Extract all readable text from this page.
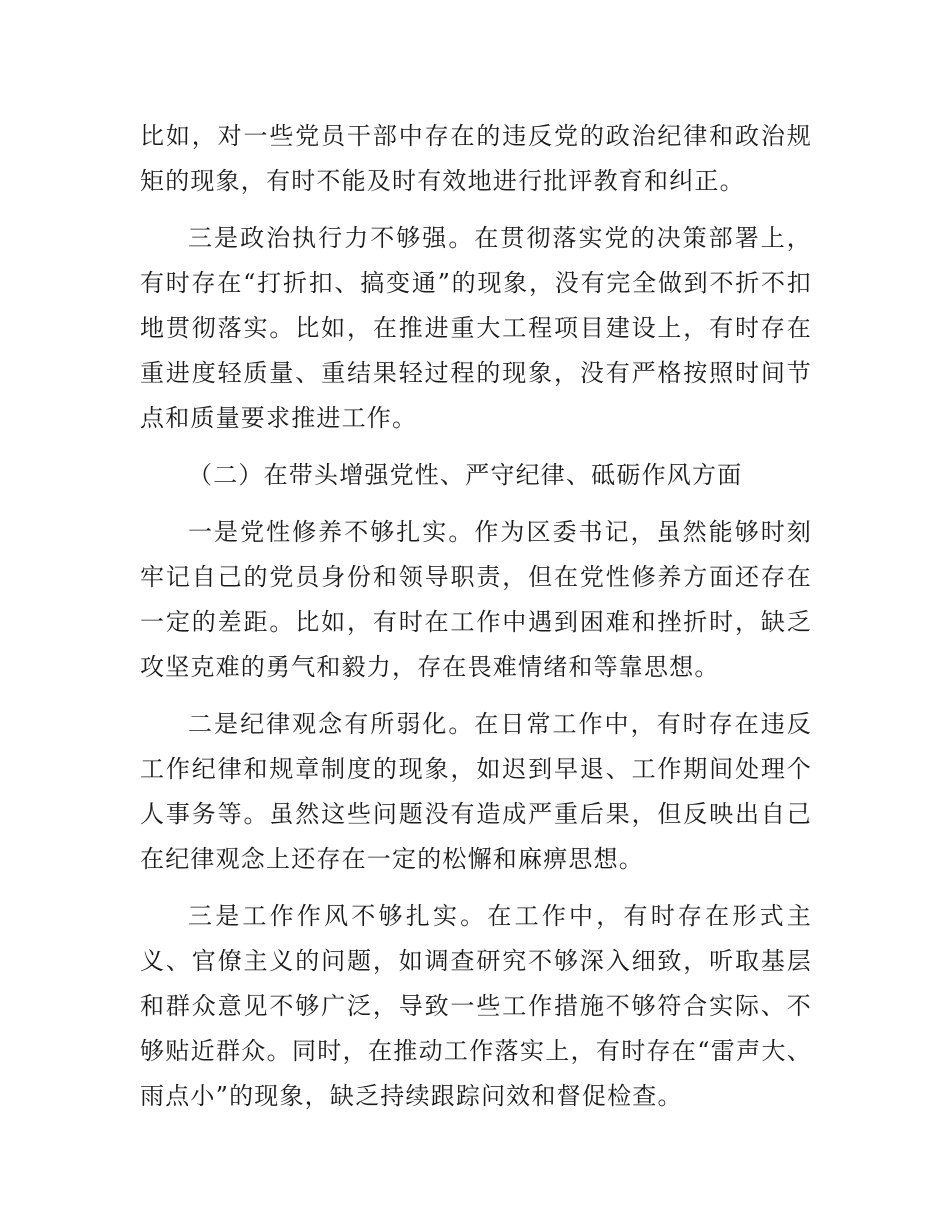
比如，对一些党员干部中存在的违反党的政治纪律和政治规矩的现象，有时不能及时有效地进行批评教育和纠正。

三是政治执行力不够强。在贯彻落实党的决策部署上，有时存在“打折扣、搞变通”的现象，没有完全做到不折不扣地贯彻落实。比如，在推进重大工程项目建设上，有时存在重进度轻质量、重结果轻过程的现象，没有严格按照时间节点和质量要求推进工作。

（二）在带头增强党性、严守纪律、砥砺作风方面

一是党性修养不够扎实。作为区委书记，虽然能够时刻牢记自己的党员身份和领导职责，但在党性修养方面还存在一定的差距。比如，有时在工作中遇到困难和挫折时，缺乏攻坚克难的勇气和毅力，存在畏难情绪和等靠思想。

二是纪律观念有所弱化。在日常工作中，有时存在违反工作纪律和规章制度的现象，如迟到早退、工作期间处理个人事务等。虽然这些问题没有造成严重后果，但反映出自己在纪律观念上还存在一定的松懈和麻痹思想。

三是工作作风不够扎实。在工作中，有时存在形式主义、官僚主义的问题，如调查研究不够深入细致，听取基层和群众意见不够广泛，导致一些工作措施不够符合实际、不够贴近群众。同时，在推动工作落实上，有时存在“雷声大、雨点小”的现象，缺乏持续跟踪问效和督促检查。
